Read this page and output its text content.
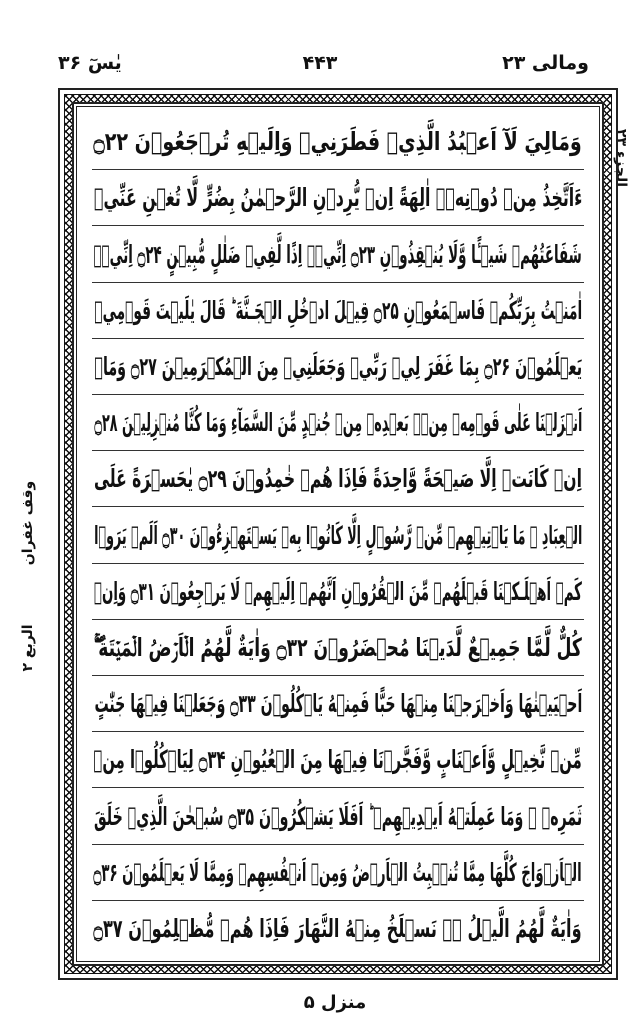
ومالی ۲۳
۴۴۳
یٰسٓ ۳۶
الجزء ۲۳
وقف غفران
الربع ۲
وَمَالِيَ لَآ اَعۡبُدُ الَّذِيۡ فَطَرَنِيۡ وَاِلَيۡهِ تُرۡجَعُوۡنَ ۝۲۲
ءَاَتَّخِذُ مِنۡ دُوۡنِهٖۤ اٰلِهَةً اِنۡ يُّرِدۡنِ الرَّحۡمٰنُ بِضُرٍّ لَّا تُغۡنِ عَنِّيۡ
شَفَاعَتُهُمۡ شَيۡـًٔا وَّلَا يُنۡقِذُوۡنِ ۝۲۳ اِنِّيۡۤ اِذًا لَّفِيۡ ضَلٰلٍ مُّبِيۡنٍ ۝۲۴ اِنِّيۡۤ
اٰمَنۡتُ بِرَبِّكُمۡ فَاسۡمَعُوۡنِ ۝۲۵ قِيۡلَ ادۡخُلِ الۡجَـنَّةَ ؕ قَالَ يٰلَيۡتَ قَوۡمِيۡ
يَعۡلَمُوۡنَ ۝۲۶ بِمَا غَفَرَ لِيۡ رَبِّيۡ وَجَعَلَنِيۡ مِنَ الۡمُكۡرَمِيۡنَ ۝۲۷ وَمَاۤ
اَنۡزَلۡنَا عَلٰى قَوۡمِهٖ مِنۡۢ بَعۡدِهٖ مِنۡ جُنۡدٍ مِّنَ السَّمَآءِ وَمَا كُنَّا مُنۡزِلِيۡنَ ۝۲۸
اِنۡ كَانَتۡ اِلَّا صَيۡحَةً وَّاحِدَةً فَاِذَا هُمۡ خٰمِدُوۡنَ ۝۲۹ يٰحَسۡرَةً عَلَى
الۡعِبَادِ ۚ مَا يَاۡتِيۡهِمۡ مِّنۡ رَّسُوۡلٍ اِلَّا كَانُوۡا بِهٖ يَسۡتَهۡزِءُوۡنَ ۝۳۰ اَلَمۡ يَرَوۡا
كَمۡ اَهۡلَـكۡنَا قَبۡلَهُمۡ مِّنَ الۡقُرُوۡنِ اَنَّهُمۡ اِلَيۡهِمۡ لَا يَرۡجِعُوۡنَ ۝۳۱ وَاِنۡ
كُلٌّ لَّمَّا جَمِيۡعٌ لَّدَيۡنَا مُحۡضَرُوۡنَ ۝۳۲ وَاٰيَةٌ لَّهُمُ الۡاَرۡضُ الۡمَيۡتَةُ ۖۚ
اَحۡيَيۡنٰهَا وَاَخۡرَجۡنَا مِنۡهَا حَبًّا فَمِنۡهُ يَاۡكُلُوۡنَ ۝۳۳ وَجَعَلۡنَا فِيۡهَا جَنّٰتٍ
مِّنۡ نَّخِيۡلٍ وَّاَعۡنَابٍ وَّفَجَّرۡنَا فِيۡهَا مِنَ الۡعُيُوۡنِ ۝۳۴ لِيَاۡكُلُوۡا مِنۡ
ثَمَرِهٖ ۙ وَمَا عَمِلَتۡهُ اَيۡدِيۡهِمۡ ؕ اَفَلَا يَشۡكُرُوۡنَ ۝۳۵ سُبۡحٰنَ الَّذِيۡ خَلَقَ
الۡاَزۡوَاجَ كُلَّهَا مِمَّا تُنۡۢبِتُ الۡاَرۡضُ وَمِنۡ اَنۡفُسِهِمۡ وَمِمَّا لَا يَعۡلَمُوۡنَ ۝۳۶
وَاٰيَةٌ لَّهُمُ الَّيۡلُ ۖۚ نَسۡلَخُ مِنۡهُ النَّهَارَ فَاِذَا هُمۡ مُّظۡلِمُوۡنَ ۝۳۷
منزل ۵
